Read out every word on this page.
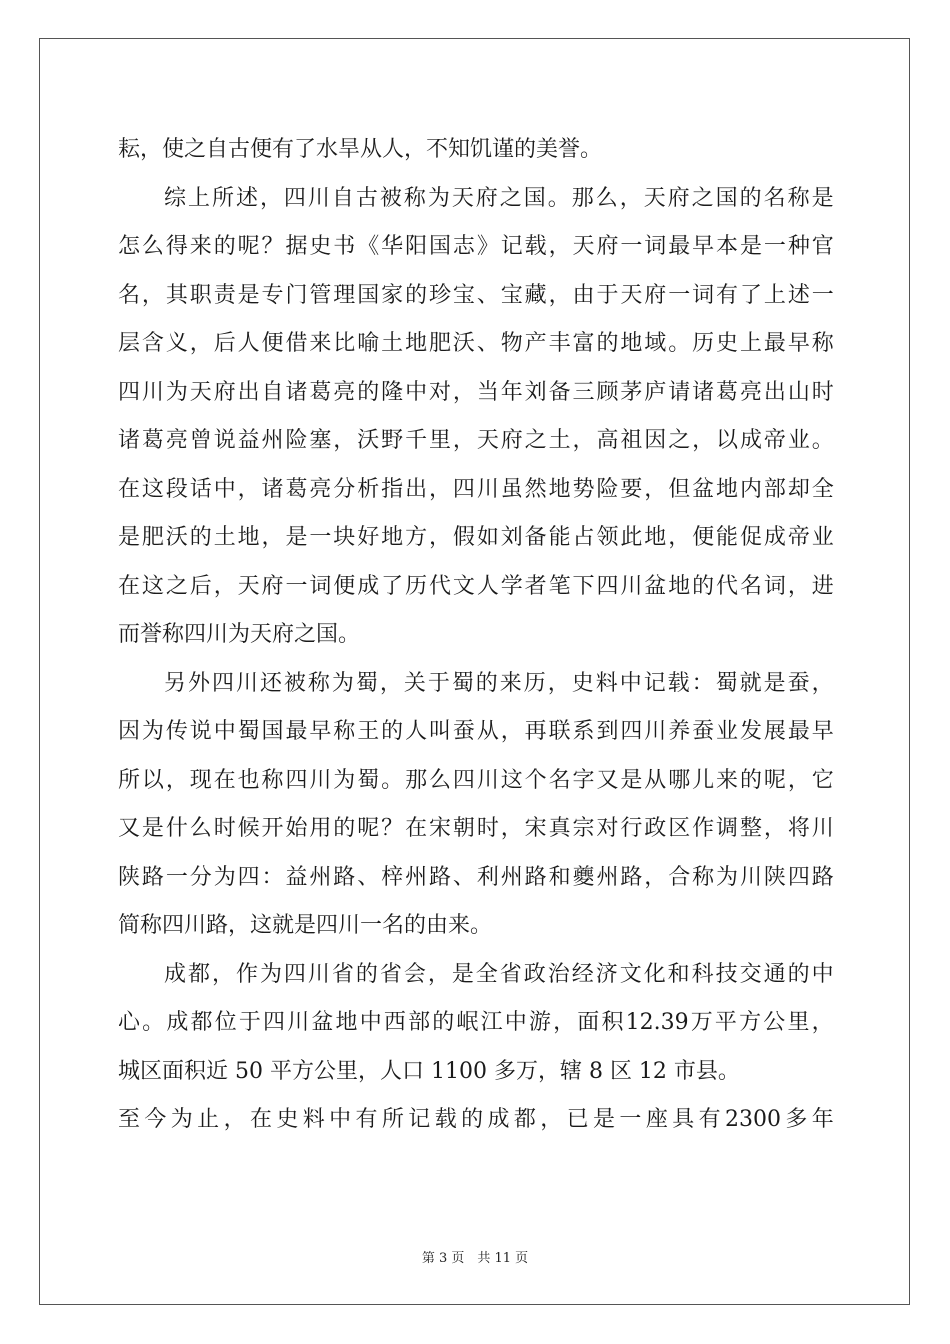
耘，使之自古便有了水旱从人，不知饥谨的美誉。
综 上 所 述 ， 四 川 自 古 被 称 为 天 府 之 国 。 那 么 ， 天 府 之 国 的 名 称 是
怎 么 得 来 的 呢 ？ 据 史 书 《 华 阳 国 志 》 记 载 ， 天 府 一 词 最 早 本 是 一 种 官
名 ， 其 职 责 是 专 门 管 理 国 家 的 珍 宝 、 宝 藏 ， 由 于 天 府 一 词 有 了 上 述 一
层 含 义 ， 后 人 便 借 来 比 喻 土 地 肥 沃 、 物 产 丰 富 的 地 域 。 历 史 上 最 早 称
四 川 为 天 府 出 自 诸 葛 亮 的 隆 中 对 ， 当 年 刘 备 三 顾 茅 庐 请 诸 葛 亮 出 山 时
诸 葛 亮 曾 说 益 州 险 塞 ， 沃 野 千 里 ， 天 府 之 土 ， 高 祖 因 之 ， 以 成 帝 业 。
在 这 段 话 中 ， 诸 葛 亮 分 析 指 出 ， 四 川 虽 然 地 势 险 要 ， 但 盆 地 内 部 却 全
是 肥 沃 的 土 地 ， 是 一 块 好 地 方 ， 假 如 刘 备 能 占 领 此 地 ， 便 能 促 成 帝 业
在 这 之 后 ， 天 府 一 词 便 成 了 历 代 文 人 学 者 笔 下 四 川 盆 地 的 代 名 词 ， 进
而誉称四川为天府之国。
另 外 四 川 还 被 称 为 蜀 ， 关 于 蜀 的 来 历 ， 史 料 中 记 载 ： 蜀 就 是 蚕 ，
因 为 传 说 中 蜀 国 最 早 称 王 的 人 叫 蚕 从 ， 再 联 系 到 四 川 养 蚕 业 发 展 最 早
所 以 ， 现 在 也 称 四 川 为 蜀 。 那 么 四 川 这 个 名 字 又 是 从 哪 儿 来 的 呢 ， 它
又 是 什 么 时 候 开 始 用 的 呢 ？ 在 宋 朝 时 ， 宋 真 宗 对 行 政 区 作 调 整 ， 将 川
陕 路 一 分 为 四 ： 益 州 路 、 梓 州 路 、 利 州 路 和 夔 州 路 ， 合 称 为 川 陕 四 路
简称四川路，这就是四川一名的由来。
成 都 ， 作 为 四 川 省 的 省 会 ， 是 全 省 政 治 经 济 文 化 和 科 技 交 通 的 中
心 。 成 都 位 于 四 川 盆 地 中 西 部 的 岷 江 中 游 ， 面 积 12.39 万 平 方 公 里 ，
城区面积近 50 平方公里，人口 1100 多万，辖 8 区 12 市县。
至 今 为 止 ， 在 史 料 中 有 所 记 载 的 成 都 ， 已 是 一 座 具 有 2300 多 年
第 3 页　共 11 页
